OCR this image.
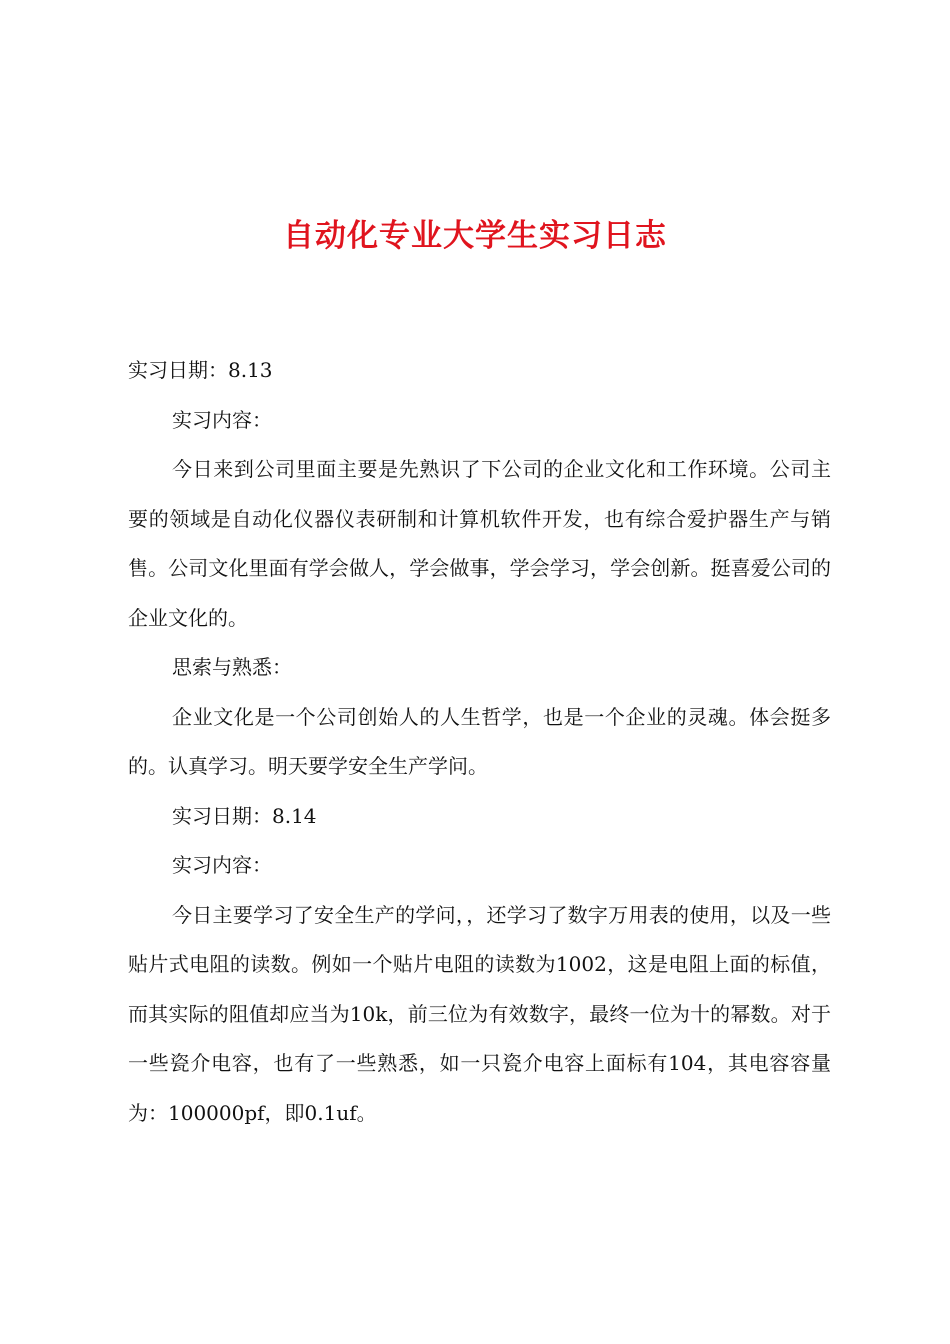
自动化专业大学生实习日志

实习日期：8.13

实习内容：

今日来到公司里面主要是先熟识了下公司的企业文化和工作环境。公司主要的领域是自动化仪器仪表研制和计算机软件开发，也有综合爱护器生产与销售。公司文化里面有学会做人，学会做事，学会学习，学会创新。挺喜爱公司的企业文化的。

思索与熟悉：

企业文化是一个公司创始人的人生哲学，也是一个企业的灵魂。体会挺多的。认真学习。明天要学安全生产学问。

实习日期：8.14

实习内容：

今日主要学习了安全生产的学问，，还学习了数字万用表的使用，以及一些贴片式电阻的读数。例如一个贴片电阻的读数为1002，这是电阻上面的标值，而其实际的阻值却应当为10k，前三位为有效数字，最终一位为十的幂数。对于一些瓷介电容，也有了一些熟悉，如一只瓷介电容上面标有104，其电容容量为：100000pf，即0.1uf。
